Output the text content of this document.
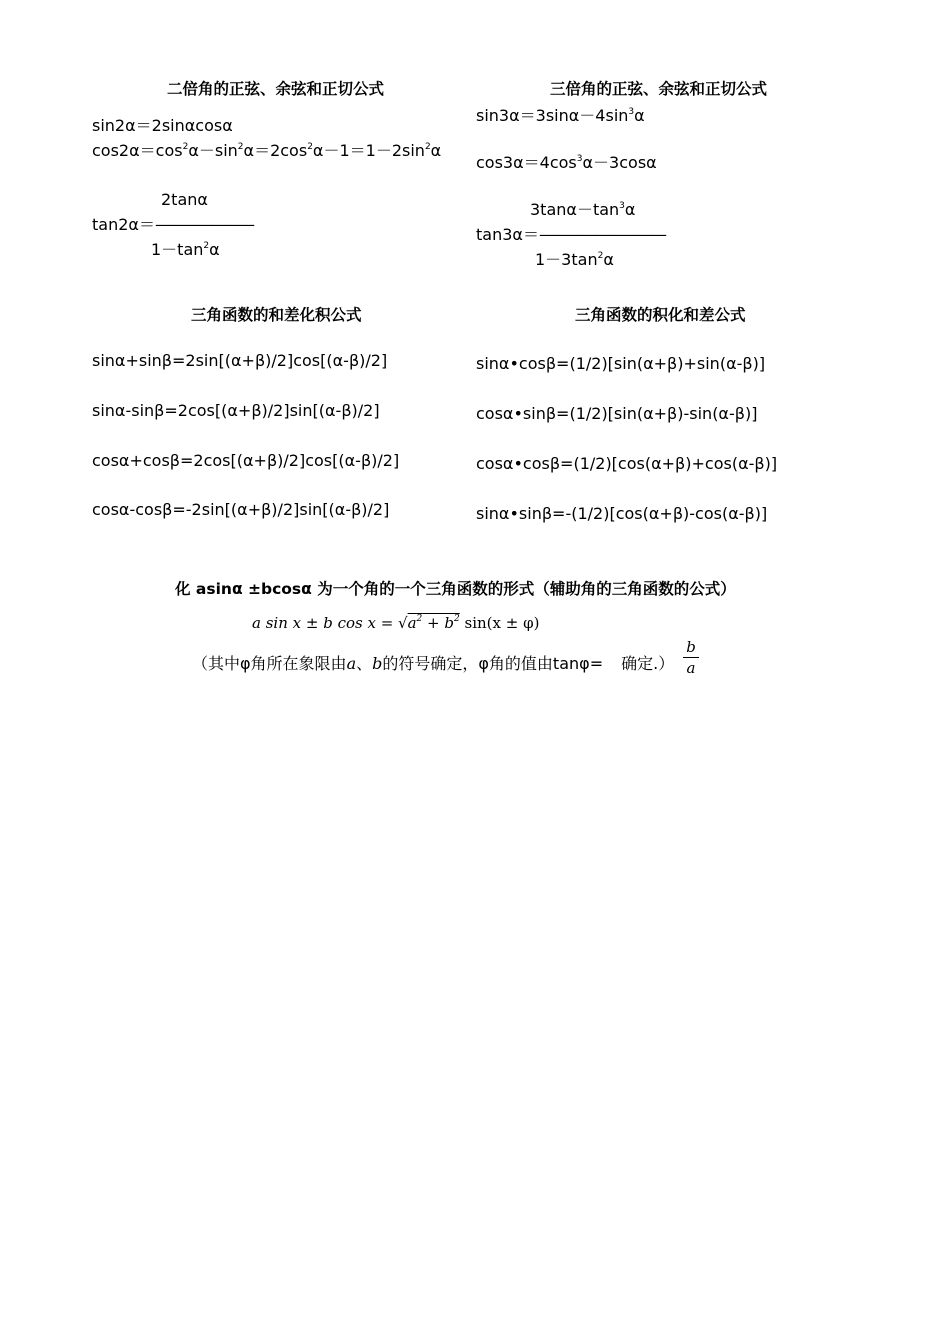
二倍角的正弦、余弦和正切公式
sin2α＝2sinαcosα
$\cos 2\alpha=\cos^2\alpha-\sin^2\alpha=2\cos^2\alpha-1=1-2\sin^2\alpha$
2tanα
tan2α＝———————
$1-\tan^2\alpha$
三倍角的正弦、余弦和正切公式
$\sin 3\alpha=3\sin\alpha-4\sin^3\alpha$
$\cos 3\alpha=4\cos^3\alpha-3\cos\alpha$
$3\tan\alpha-\tan^3\alpha$
tan3α＝—————————
$1-3\tan^2\alpha$
三角函数的和差化积公式
sinα+sinβ=2sin[(α+β)/2]cos[(α-β)/2]
sinα-sinβ=2cos[(α+β)/2]sin[(α-β)/2]
cosα+cosβ=2cos[(α+β)/2]cos[(α-β)/2]
cosα-cosβ=-2sin[(α+β)/2]sin[(α-β)/2]
三角函数的积化和差公式
sinα•cosβ=(1/2)[sin(α+β)+sin(α-β)]
cosα•sinβ=(1/2)[sin(α+β)-sin(α-β)]
cosα•cosβ=(1/2)[cos(α+β)+cos(α-β)]
sinα•sinβ=-(1/2)[cos(α+β)-cos(α-β)]
化 asinα ±bcosα 为一个角的一个三角函数的形式（辅助角的三角函数的公式）
a sin x ± b $\cos x = √a^2 + b^2$ sin(x ± φ)
（其中φ角所在象限由a、b的符号确定，φ角的值由tanφ= 确定.）
b
a
